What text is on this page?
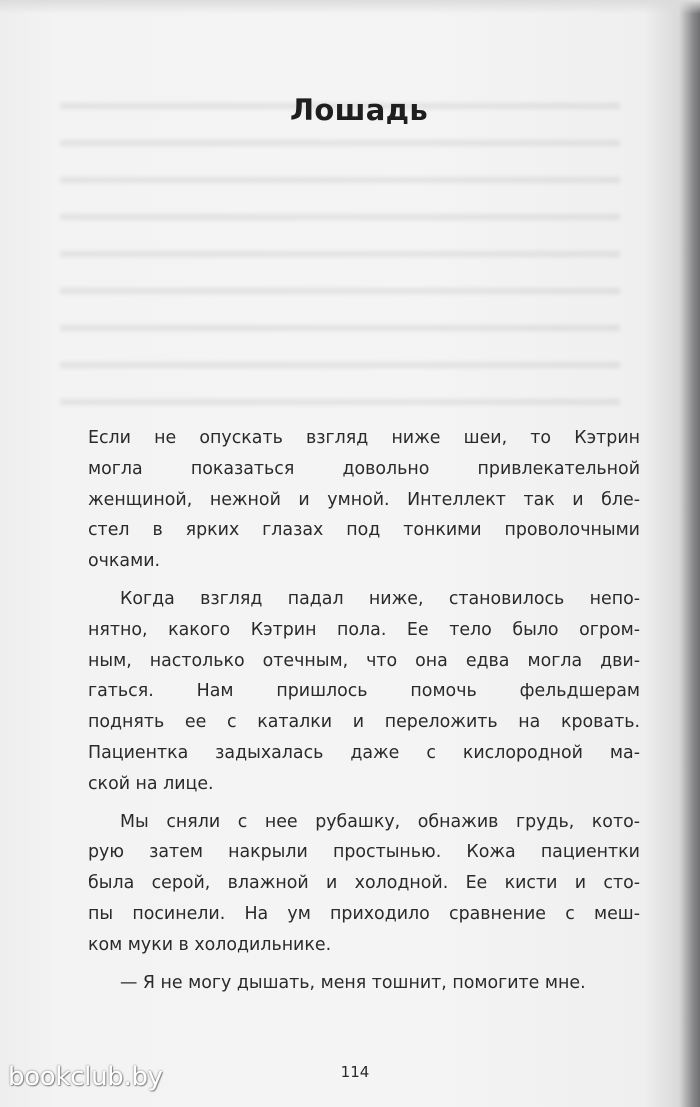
Лошадь

Если не опускать взгляд ниже шеи, то Кэтрин
могла показаться довольно привлекательной
женщиной, нежной и умной. Интеллект так и бле-
стел в ярких глазах под тонкими проволочными
очками.

Когда взгляд падал ниже, становилось непо-
нятно, какого Кэтрин пола. Ее тело было огром-
ным, настолько отечным, что она едва могла дви-
гаться. Нам пришлось помочь фельдшерам
поднять ее с каталки и переложить на кровать.
Пациентка задыхалась даже с кислородной ма-
ской на лице.

Мы сняли с нее рубашку, обнажив грудь, кото-
рую затем накрыли простынью. Кожа пациентки
была серой, влажной и холодной. Ее кисти и сто-
пы посинели. На ум приходило сравнение с меш-
ком муки в холодильнике.

— Я не могу дышать, меня тошнит, помогите мне.

114
bookclub.by
